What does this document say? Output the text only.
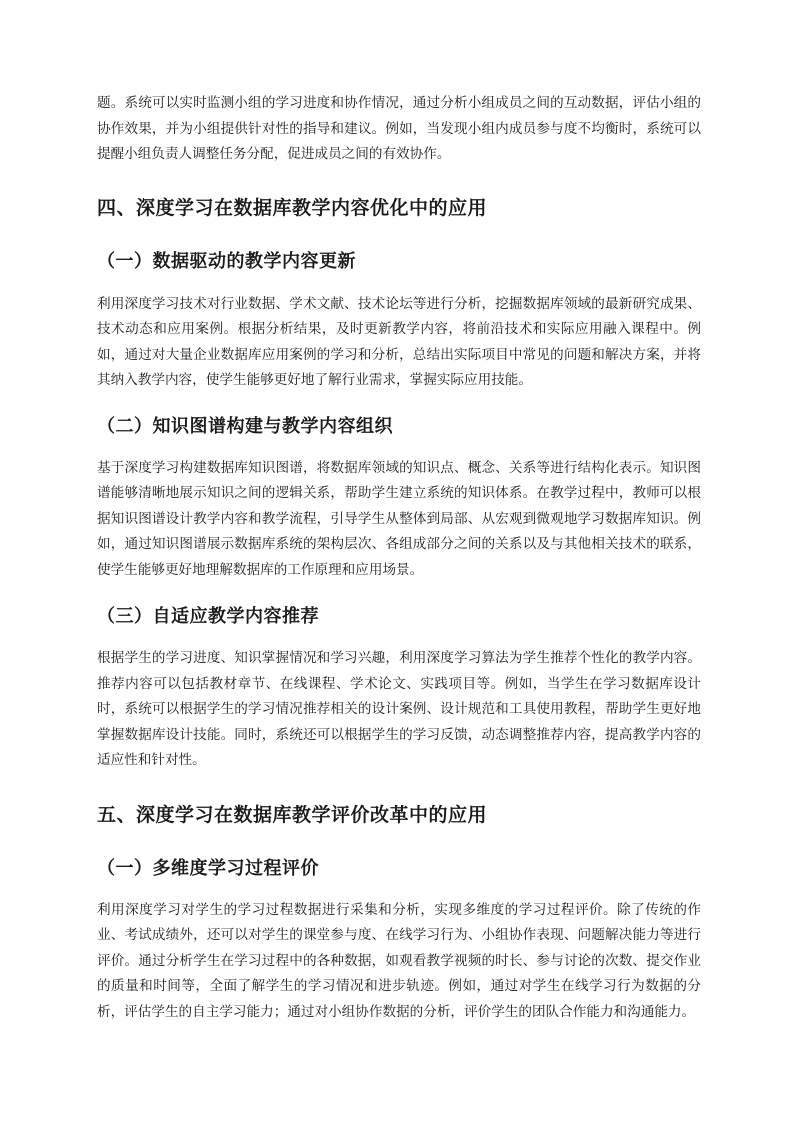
题。系统可以实时监测小组的学习进度和协作情况，通过分析小组成员之间的互动数据，评估小组的协作效果，并为小组提供针对性的指导和建议。例如，当发现小组内成员参与度不均衡时，系统可以提醒小组负责人调整任务分配，促进成员之间的有效协作。

四、深度学习在数据库教学内容优化中的应用
（一）数据驱动的教学内容更新

利用深度学习技术对行业数据、学术文献、技术论坛等进行分析，挖掘数据库领域的最新研究成果、技术动态和应用案例。根据分析结果，及时更新教学内容，将前沿技术和实际应用融入课程中。例如，通过对大量企业数据库应用案例的学习和分析，总结出实际项目中常见的问题和解决方案，并将其纳入教学内容，使学生能够更好地了解行业需求，掌握实际应用技能。

（二）知识图谱构建与教学内容组织

基于深度学习构建数据库知识图谱，将数据库领域的知识点、概念、关系等进行结构化表示。知识图谱能够清晰地展示知识之间的逻辑关系，帮助学生建立系统的知识体系。在教学过程中，教师可以根据知识图谱设计教学内容和教学流程，引导学生从整体到局部、从宏观到微观地学习数据库知识。例如，通过知识图谱展示数据库系统的架构层次、各组成部分之间的关系以及与其他相关技术的联系，使学生能够更好地理解数据库的工作原理和应用场景。

（三）自适应教学内容推荐

根据学生的学习进度、知识掌握情况和学习兴趣，利用深度学习算法为学生推荐个性化的教学内容。推荐内容可以包括教材章节、在线课程、学术论文、实践项目等。例如，当学生在学习数据库设计时，系统可以根据学生的学习情况推荐相关的设计案例、设计规范和工具使用教程，帮助学生更好地掌握数据库设计技能。同时，系统还可以根据学生的学习反馈，动态调整推荐内容，提高教学内容的适应性和针对性。

五、深度学习在数据库教学评价改革中的应用
（一）多维度学习过程评价

利用深度学习对学生的学习过程数据进行采集和分析，实现多维度的学习过程评价。除了传统的作业、考试成绩外，还可以对学生的课堂参与度、在线学习行为、小组协作表现、问题解决能力等进行评价。通过分析学生在学习过程中的各种数据，如观看教学视频的时长、参与讨论的次数、提交作业的质量和时间等，全面了解学生的学习情况和进步轨迹。例如，通过对学生在线学习行为数据的分析，评估学生的自主学习能力；通过对小组协作数据的分析，评价学生的团队合作能力和沟通能力。
